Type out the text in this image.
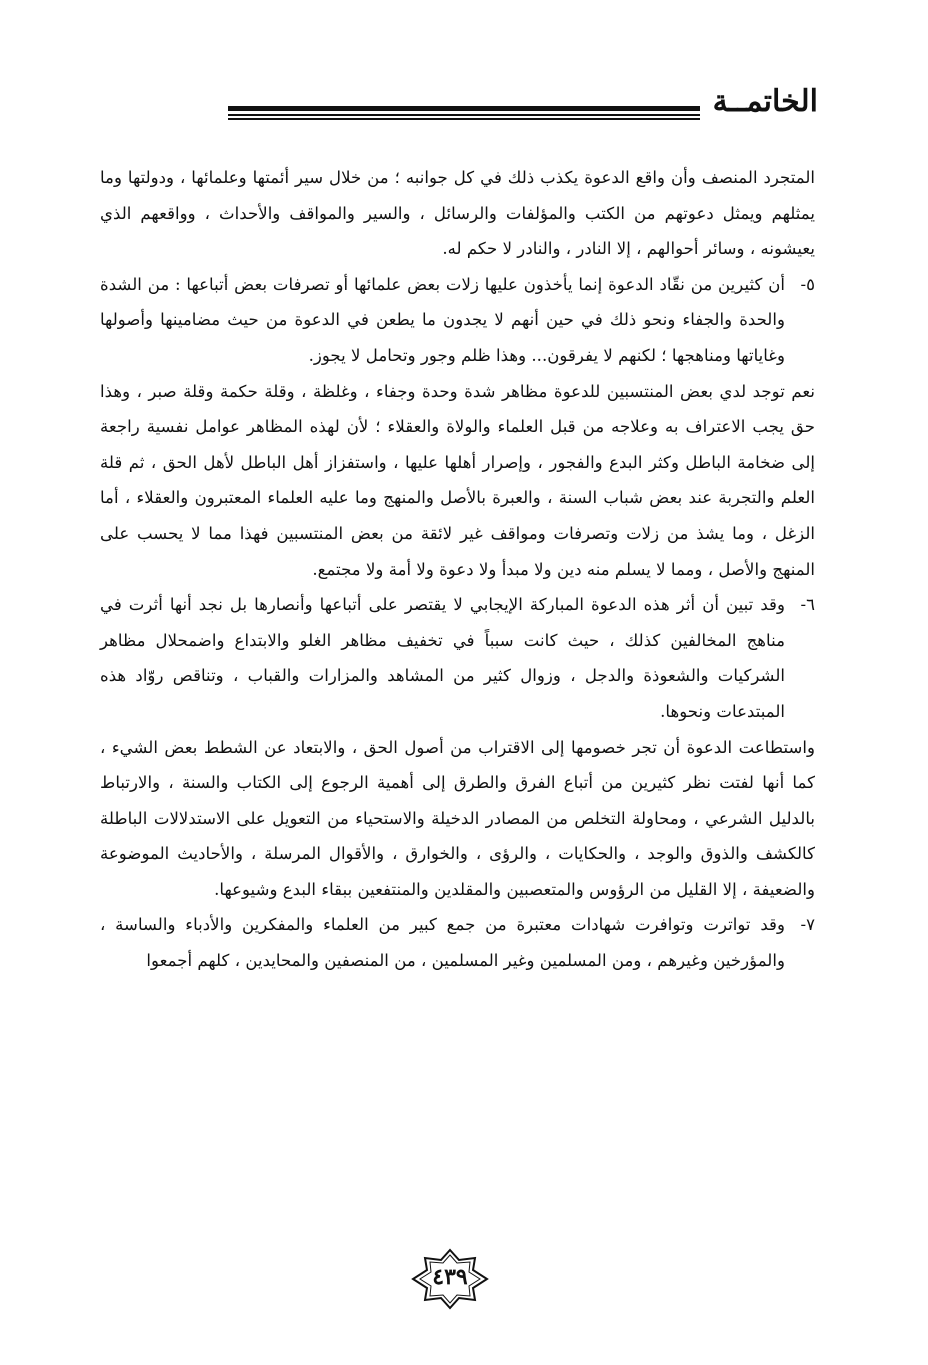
الخاتمــة

المتجرد المنصف وأن واقع الدعوة يكذب ذلك في كل جوانبه ؛ من خلال سير أئمتها وعلمائها ، ودولتها وما يمثلهم ويمثل دعوتهم من الكتب والمؤلفات والرسائل ، والسير والمواقف والأحداث ، وواقعهم الذي يعيشونه ، وسائر أحوالهم ، إلا النادر ، والنادر لا حكم له.

٥-

أن كثيرين من نقّاد الدعوة إنما يأخذون عليها زلات بعض علمائها أو تصرفات بعض أتباعها : من الشدة والحدة والجفاء ونحو ذلك في حين أنهم لا يجدون ما يطعن في الدعوة من حيث مضامينها وأصولها وغاياتها ومناهجها ؛ لكنهم لا يفرقون... وهذا ظلم وجور وتحامل لا يجوز.

نعم توجد لدي بعض المنتسبين للدعوة مظاهر شدة وحدة وجفاء ، وغلظة ، وقلة حكمة وقلة صبر ، وهذا حق يجب الاعتراف به وعلاجه من قبل العلماء والولاة والعقلاء ؛ لأن لهذه المظاهر عوامل نفسية راجعة إلى ضخامة الباطل وكثر البدع والفجور ، وإصرار أهلها عليها ، واستفزاز أهل الباطل لأهل الحق ، ثم قلة العلم والتجربة عند بعض شباب السنة ، والعبرة بالأصل والمنهج وما عليه العلماء المعتبرون والعقلاء ، أما الزغل ، وما يشذ من زلات وتصرفات ومواقف غير لائقة من بعض المنتسبين فهذا مما لا يحسب على المنهج والأصل ، ومما لا يسلم منه دين ولا مبدأ ولا دعوة ولا أمة ولا مجتمع.

٦-

وقد تبين أن أثر هذه الدعوة المباركة الإيجابي لا يقتصر على أتباعها وأنصارها بل نجد أنها أثرت في مناهج المخالفين كذلك ، حيث كانت سبباً في تخفيف مظاهر الغلو والابتداع واضمحلال مظاهر الشركيات والشعوذة والدجل ، وزوال كثير من المشاهد والمزارات والقباب ، وتناقص روّاد هذه المبتدعات ونحوها.

واستطاعت الدعوة أن تجر خصومها إلى الاقتراب من أصول الحق ، والابتعاد عن الشطط بعض الشيء ، كما أنها لفتت نظر كثيرين من أتباع الفرق والطرق إلى أهمية الرجوع إلى الكتاب والسنة ، والارتباط بالدليل الشرعي ، ومحاولة التخلص من المصادر الدخيلة والاستحياء من التعويل على الاستدلالات الباطلة كالكشف والذوق والوجد ، والحكايات ، والرؤى ، والخوارق ، والأقوال المرسلة ، والأحاديث الموضوعة والضعيفة ، إلا القليل من الرؤوس والمتعصبين والمقلدين والمنتفعين ببقاء البدع وشيوعها.

٧-

وقد تواترت وتوافرت شهادات معتبرة من جمع كبير من العلماء والمفكرين والأدباء والساسة ، والمؤرخين وغيرهم ، ومن المسلمين وغير المسلمين ، من المنصفين والمحايدين ، كلهم أجمعوا

٤٣٩
